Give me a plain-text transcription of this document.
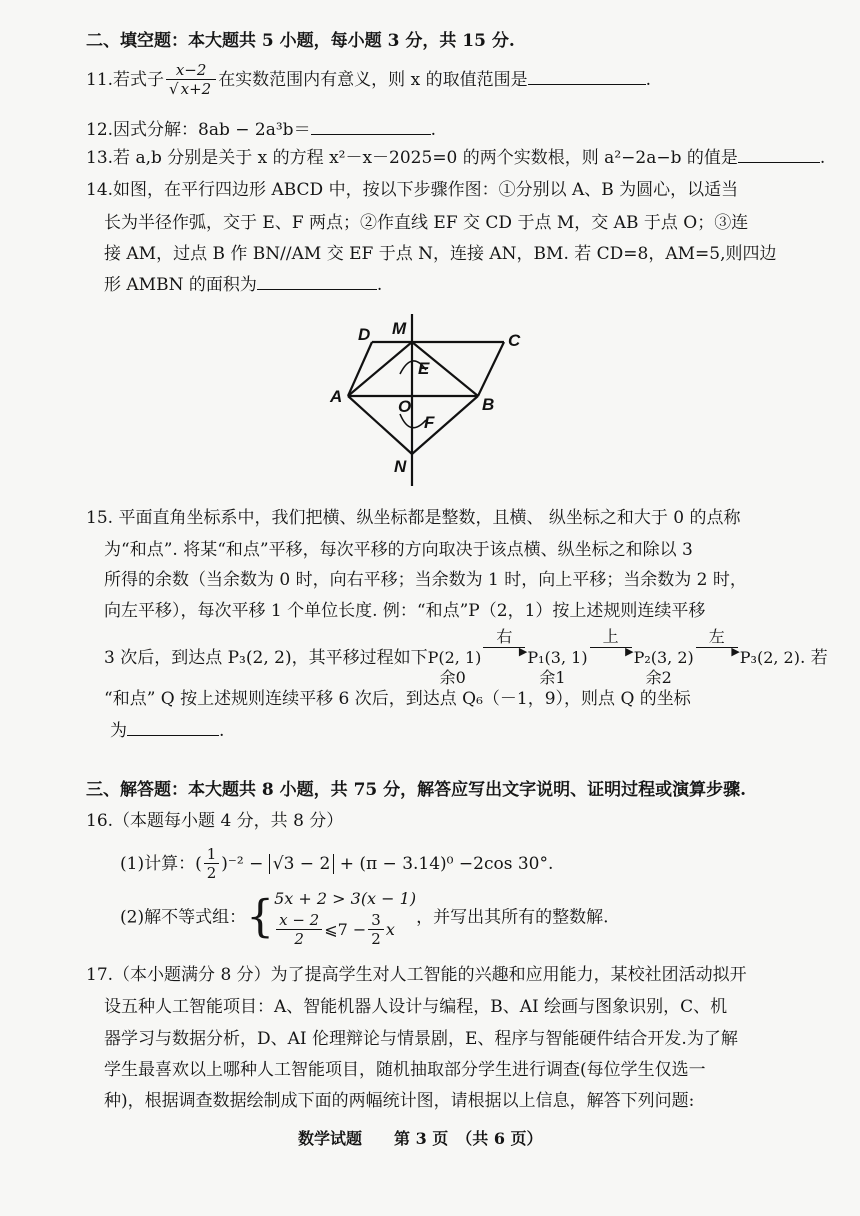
二、填空题：本大题共 5 小题，每小题 3 分，共 15 分.
11.若式子 $\frac{x-2}{√ x+2}$ 在实数范围内有意义，则 x 的取值范围是	.
12.因式分解：8ab − 2a³b＝	.
13.若 a,b 分别是关于 x 的方程 x²－x－2025=0 的两个实数根，则 a²−2a−b 的值是	.
14.如图，在平行四边形 ABCD 中，按以下步骤作图：①分别以 A、B 为圆心，以适当
长为半径作弧，交于 E、F 两点；②作直线 EF 交 CD 于点 M，交 AB 于点 O；③连
接 AM，过点 B 作 BN//AM 交 EF 于点 N，连接 AN，BM. 若 CD=8，AM=5,则四边
形 AMBN 的面积为	.
D M
C
E
A
O	B
F
N
15. 平面直角坐标系中，我们把横、纵坐标都是整数，且横、 纵坐标之和大于 0 的点称
为“和点”. 将某“和点”平移，每次平移的方向取决于该点横、纵坐标之和除以 3
所得的余数（当余数为 0 时，向右平移；当余数为 1 时，向上平移；当余数为 2 时，
向左平移），每次平移 1 个单位长度. 例：“和点”P（2，1）按上述规则连续平移
3 次后，到达点 P₃(2, 2)，其平移过程如下P(2, 1)
余0
右
▶ P₁(3, 1)
余1
上
▶ P₂(3, 2)
余2
左
▶ P₃(2, 2). 若
“和点” Q 按上述规则连续平移 6 次后，到达点 Q₆（－1，9），则点 Q 的坐标
为	.
三、解答题：本大题共 8 小题，共 75 分，解答应写出文字说明、证明过程或演算步骤.
16.（本题每小题 4 分，共 8 分）
(1)计算：( $\frac{1}{2} )^{-2} - √3 - 2 + (\pi - 3.14)^0 -2\cos$ 30°.
(2)解不等式组：{ 5x + 2 > 3(x − 1)
$\frac{x - 2}{2}$ ⩽7 − $\frac{3}{2}$ x
，并写出其所有的整数解.
17.（本小题满分 8 分）为了提高学生对人工智能的兴趣和应用能力，某校社团活动拟开
设五种人工智能项目：A、智能机器人设计与编程，B、AI 绘画与图象识别，C、机
器学习与数据分析，D、AI 伦理辩论与情景剧，E、程序与智能硬件结合开发.为了解
学生最喜欢以上哪种人工智能项目，随机抽取部分学生进行调查(每位学生仅选一
种)，根据调查数据绘制成下面的两幅统计图，请根据以上信息，解答下列问题:
数学试题　　第 3 页　（共 6 页）
